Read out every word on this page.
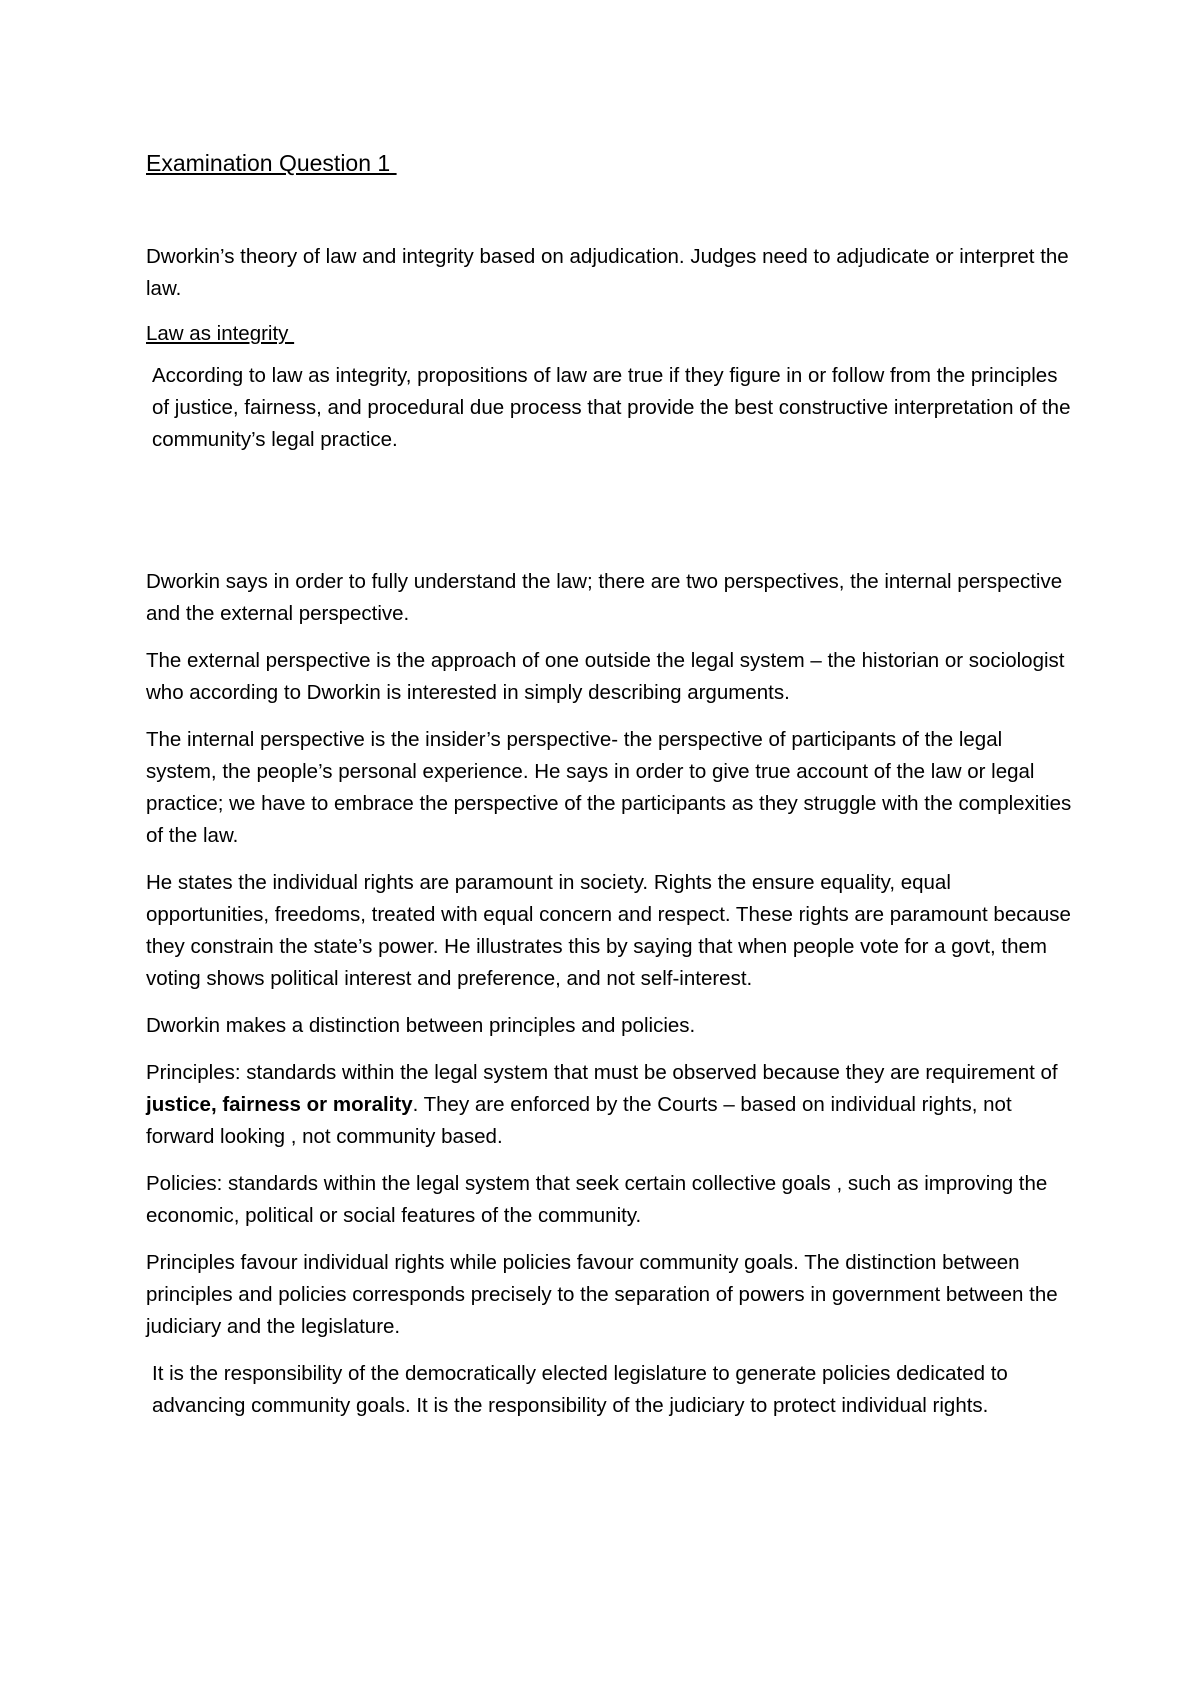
Examination Question 1

Dworkin’s theory of law and integrity based on adjudication. Judges need to adjudicate or interpret the law.

Law as integrity

According to law as integrity, propositions of law are true if they figure in or follow from the principles of justice, fairness, and procedural due process that provide the best constructive interpretation of the community’s legal practice.

Dworkin says in order to fully understand the law; there are two perspectives, the internal perspective and the external perspective.

The external perspective is the approach of one outside the legal system – the historian or sociologist who according to Dworkin is interested in simply describing arguments.

The internal perspective is the insider’s perspective- the perspective of participants of the legal system, the people’s personal experience. He says in order to give true account of the law or legal practice; we have to embrace the perspective of the participants as they struggle with the complexities of the law.

He states the individual rights are paramount in society. Rights the ensure equality, equal opportunities, freedoms, treated with equal concern and respect. These rights are paramount because they constrain the state’s power. He illustrates this by saying that when people vote for a govt, them voting shows political interest and preference, and not self-interest.

Dworkin makes a distinction between principles and policies.

Principles: standards within the legal system that must be observed because they are requirement of justice, fairness or morality. They are enforced by the Courts – based on individual rights, not forward looking , not community based.

Policies: standards within the legal system that seek certain collective goals , such as improving the economic, political or social features of the community.

Principles favour individual rights while policies favour community goals. The distinction between principles and policies corresponds precisely to the separation of powers in government between the judiciary and the legislature.

It is the responsibility of the democratically elected legislature to generate policies dedicated to advancing community goals. It is the responsibility of the judiciary to protect individual rights.
